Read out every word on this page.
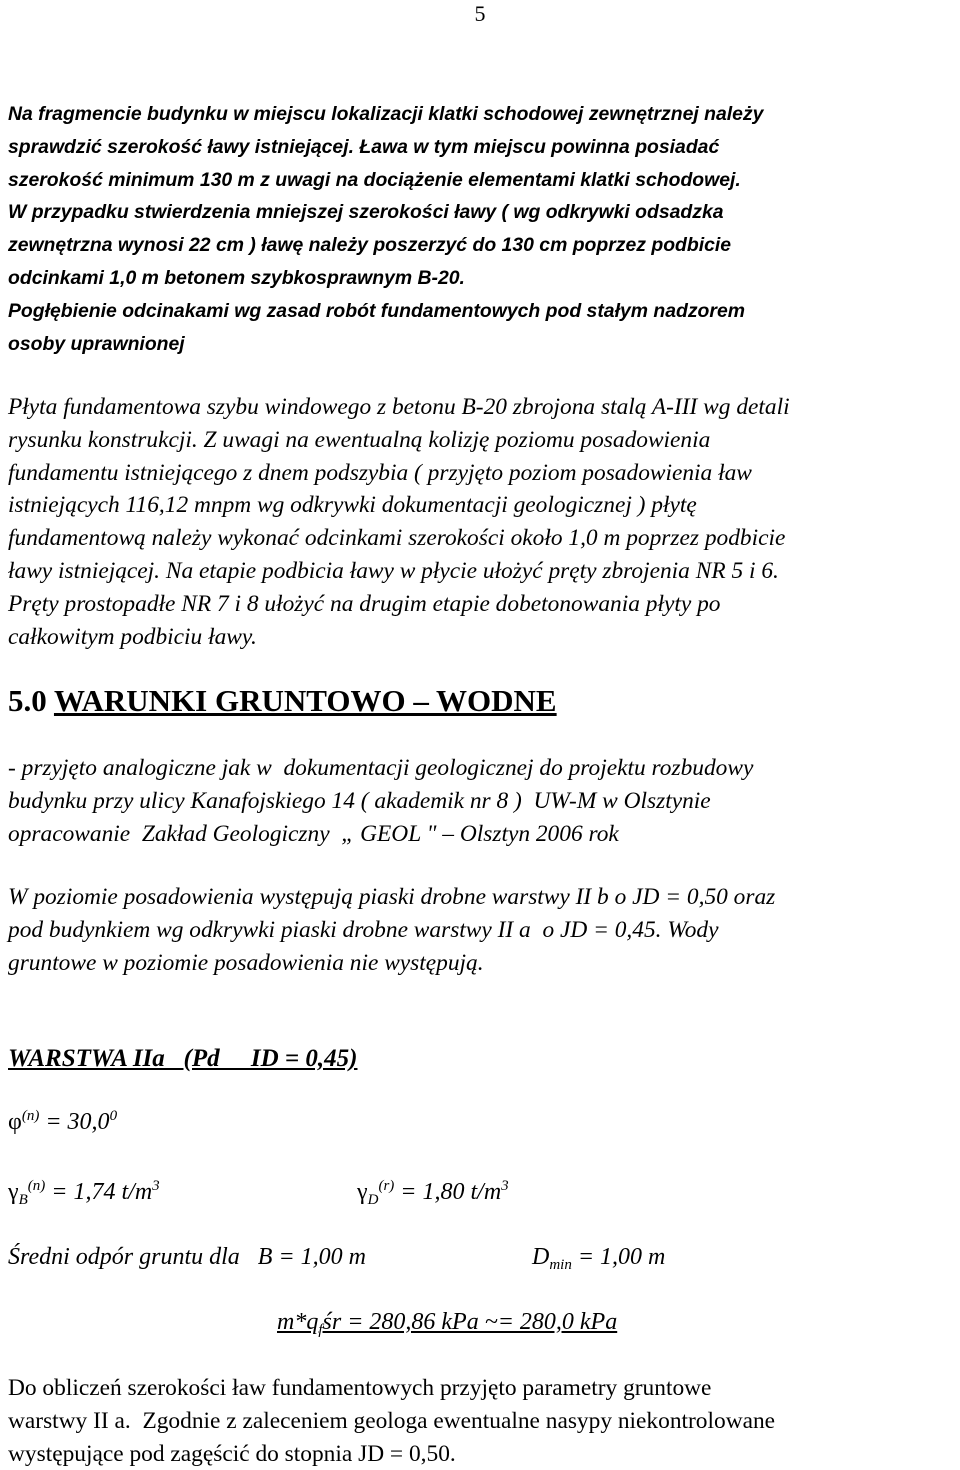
5
Na fragmencie budynku w miejscu lokalizacji klatki schodowej zewnętrznej należy
sprawdzić szerokość ławy istniejącej. Ława w tym miejscu powinna posiadać
szerokość minimum 130 m z uwagi na dociążenie elementami klatki schodowej.
W przypadku stwierdzenia mniejszej szerokości ławy ( wg odkrywki odsadzka
zewnętrzna wynosi 22 cm ) ławę należy poszerzyć do 130 cm poprzez podbicie
odcinkami 1,0 m betonem szybkosprawnym B-20.
Pogłębienie odcinakami wg zasad robót fundamentowych pod stałym nadzorem
osoby uprawnionej
Płyta fundamentowa szybu windowego z betonu B-20 zbrojona stalą A-III wg detali
rysunku konstrukcji. Z uwagi na ewentualną kolizję poziomu posadowienia
fundamentu istniejącego z dnem podszybia ( przyjęto poziom posadowienia ław
istniejących 116,12 mnpm wg odkrywki dokumentacji geologicznej ) płytę
fundamentową należy wykonać odcinkami szerokości około 1,0 m poprzez podbicie
ławy istniejącej. Na etapie podbicia ławy w płycie ułożyć pręty zbrojenia NR 5 i 6.
Pręty prostopadłe NR 7 i 8 ułożyć na drugim etapie dobetonowania płyty po
całkowitym podbiciu ławy.
5.0 WARUNKI GRUNTOWO – WODNE
- przyjęto analogiczne jak w  dokumentacji geologicznej do projektu rozbudowy
budynku przy ulicy Kanafojskiego 14 ( akademik nr 8 )  UW-M w Olsztynie
opracowanie  Zakład Geologiczny  „ GEOL " – Olsztyn 2006 rok
W poziomie posadowienia występują piaski drobne warstwy II b o JD = 0,50 oraz
pod budynkiem wg odkrywki piaski drobne warstwy II a  o JD = 0,45. Wody
gruntowe w poziomie posadowienia nie występują.
WARSTWA IIa   (Pd     ID = 0,45)
$\varphi^{(n)} = 30,0^0$
$\gamma_B^{(n)} = 1,74$ $t/m^3$	$\gamma_D^{(r)} = 1,80$ $t/m^3$
Średni odpór gruntu dla   B = 1,00 m	$D_{min} = 1,00$ m
$m*q_fśr = 280,86$ kPa ~= 280,0 kPa
Do obliczeń szerokości ław fundamentowych przyjęto parametry gruntowe
warstwy II a.  Zgodnie z zaleceniem geologa ewentualne nasypy niekontrolowane
występujące pod zagęścić do stopnia JD = 0,50.
